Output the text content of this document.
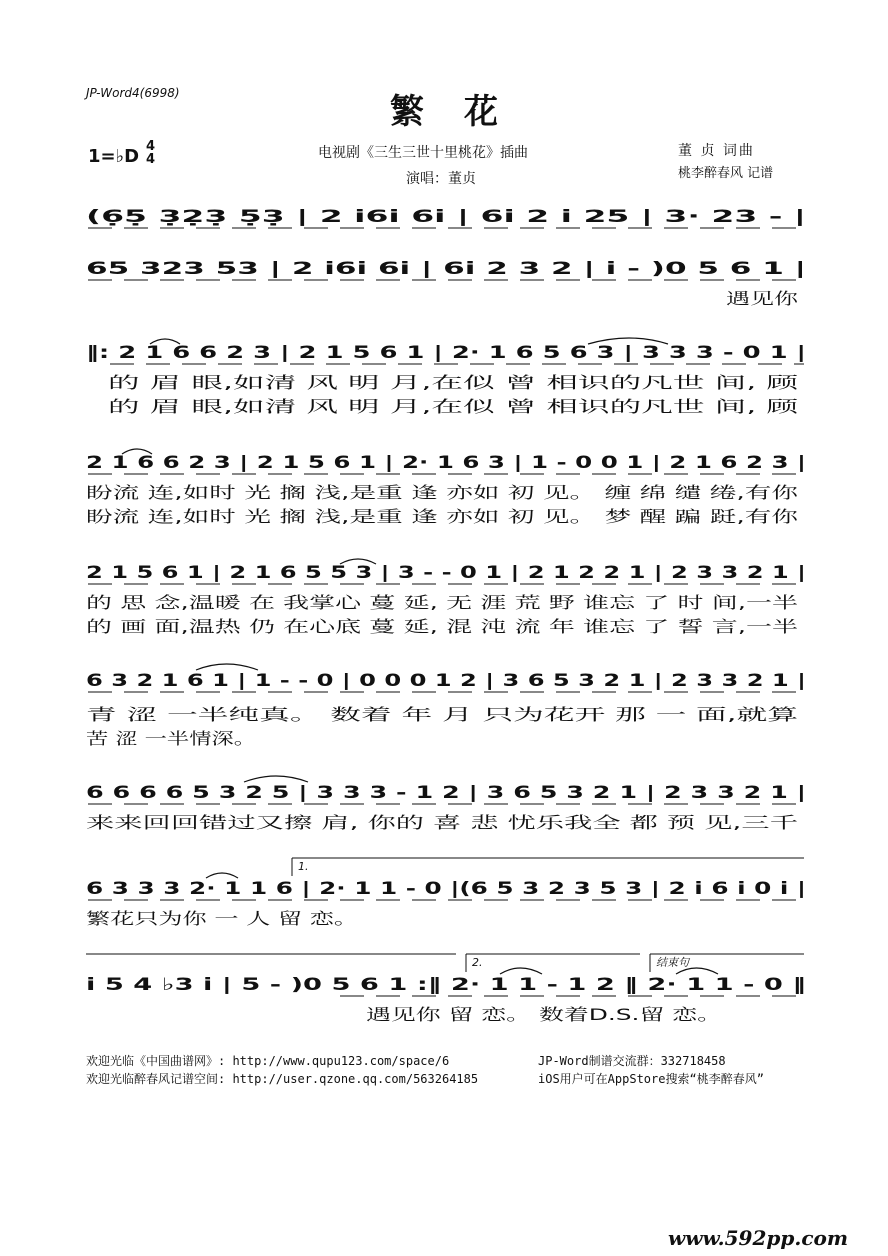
JP-Word4(6998)	繁花
1=♭D 4
4	电视剧《三生三世十里桃花》插曲
演唱：董贞
董 贞 词曲
桃李醉春风 记谱
(6̣5̣ 3̣2̣3̣ 5̣3̣ | 2 i6i 6i | 6i 2 i 25 | 3· 23 - |
65 323 53 | 2 i6i 6i | 6i 2 3 2 | i - )0 5 6 1 |
遇见你
‖: 2 1 6 6 2 3 | 2 1 5 6 1 | 2· 1 6 5 6 3 | 3 3 3 - 0 1 |
的 眉 眼,如清 风 明 月,在似 曾 相识的凡世 间, 顾
的 眉 眼,如清 风 明 月,在似 曾 相识的凡世 间, 顾
2 1 6 6 2 3 | 2 1 5 6 1 | 2· 1 6 3 | 1 - 0 0 1 | 2 1 6 2 3 |
盼流 连,如时 光 搁 浅,是重 逢 亦如 初 见。 缠 绵 缱 绻,有你
盼流 连,如时 光 搁 浅,是重 逢 亦如 初 见。 梦 醒 蹁 跹,有你
2 1 5 6 1 | 2 1 6 5 5 3 | 3 - - 0 1 | 2 1 2 2 1 | 2 3 3 2 1 |
的 思 念,温暖 在 我掌心 蔓 延, 无 涯 荒 野 谁忘 了 时 间,一半
的 画 面,温热 仍 在心底 蔓 延, 混 沌 流 年 谁忘 了 誓 言,一半
6 3 2 1 6 1 | 1 - - 0 | 0 0 0 1 2 | 3 6 5 3 2 1 | 2 3 3 2 1 |
青 涩 一半纯真。 数着 年 月 只为花开 那 一 面,就算
苦 涩 一半情深。
6 6 6 6 5 3 2 5 | 3 3 3 - 1 2 | 3 6 5 3 2 1 | 2 3 3 2 1 |
来来回回错过又擦 肩, 你的 喜 悲 忧乐我全 都 预 见,三千
1.
6 3 3 3 2· 1 1 6 | 2· 1 1 - 0 |(6 5 3 2 3 5 3 | 2 i 6 i 0 i |
繁花只为你 一 人 留 恋。
2.	结束句
i 5 4 ♭3 i | 5 - )0 5 6 1 :‖ 2· 1 1 - 1 2 ‖ 2· 1 1 - 0 ‖
遇见你 留 恋。 数着D.S.留 恋。
欢迎光临《中国曲谱网》: http://www.qupu123.com/space/6
欢迎光临醉春风记谱空间: http://user.qzone.qq.com/563264185
JP-Word制谱交流群：332718458
iOS用户可在AppStore搜索“桃李醉春风”
www.592pp.com
